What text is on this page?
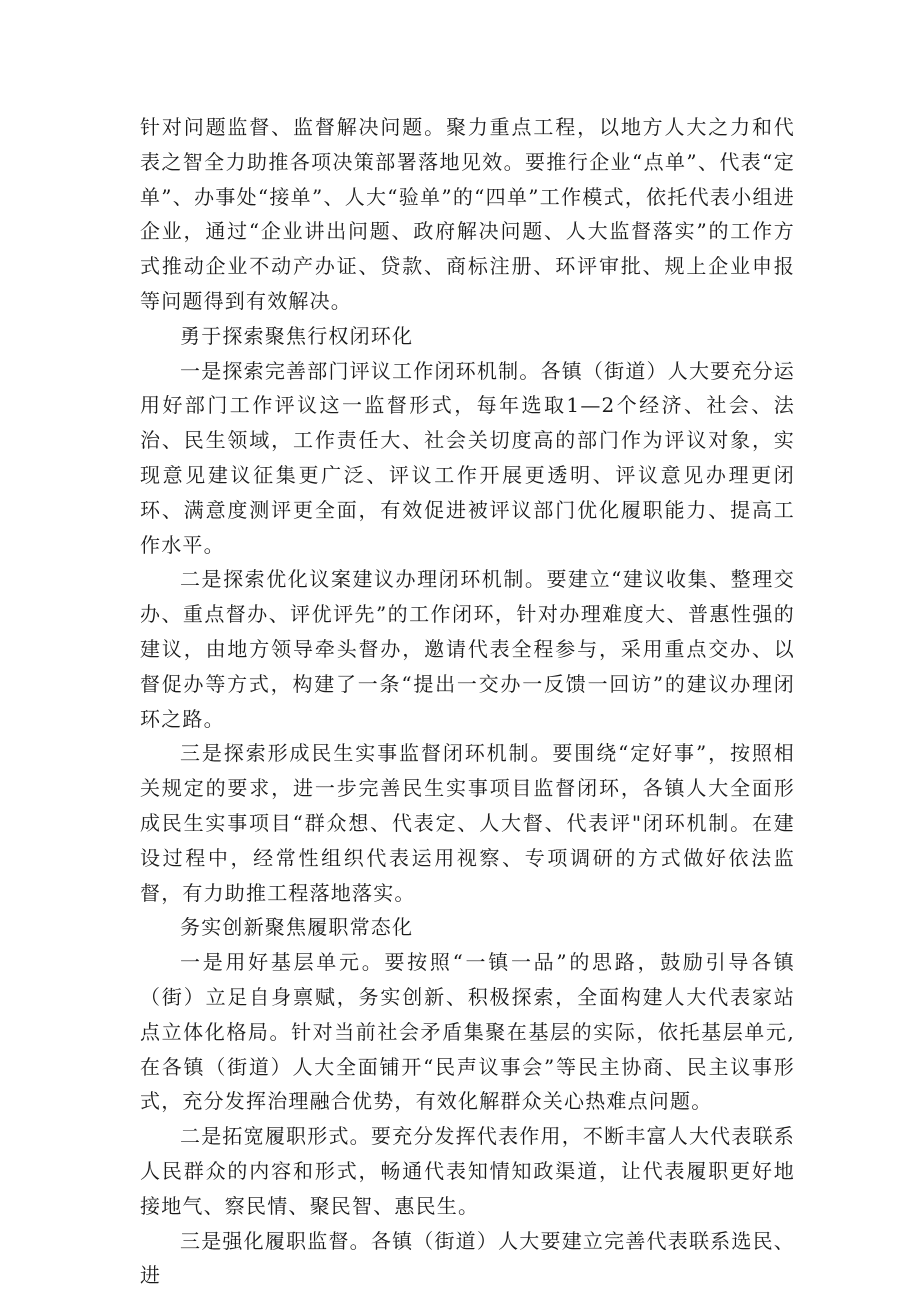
针对问题监督、监督解决问题。聚力重点工程，以地方人大之力和代表之智全力助推各项决策部署落地见效。要推行企业“点单”、代表“定单”、办事处“接单”、人大“验单”的“四单”工作模式，依托代表小组进企业，通过“企业讲出问题、政府解决问题、人大监督落实”的工作方式推动企业不动产办证、贷款、商标注册、环评审批、规上企业申报等问题得到有效解决。

勇于探索聚焦行权闭环化

一是探索完善部门评议工作闭环机制。各镇（街道）人大要充分运用好部门工作评议这一监督形式，每年选取1—2个经济、社会、法治、民生领域，工作责任大、社会关切度高的部门作为评议对象，实现意见建议征集更广泛、评议工作开展更透明、评议意见办理更闭环、满意度测评更全面，有效促进被评议部门优化履职能力、提高工作水平。

二是探索优化议案建议办理闭环机制。要建立“建议收集、整理交办、重点督办、评优评先”的工作闭环，针对办理难度大、普惠性强的建议，由地方领导牵头督办，邀请代表全程参与，采用重点交办、以督促办等方式，构建了一条“提出一交办一反馈一回访”的建议办理闭环之路。

三是探索形成民生实事监督闭环机制。要围绕“定好事”，按照相关规定的要求，进一步完善民生实事项目监督闭环，各镇人大全面形成民生实事项目“群众想、代表定、人大督、代表评"闭环机制。在建设过程中，经常性组织代表运用视察、专项调研的方式做好依法监督，有力助推工程落地落实。

务实创新聚焦履职常态化

一是用好基层单元。要按照“一镇一品”的思路，鼓励引导各镇（街）立足自身禀赋，务实创新、积极探索，全面构建人大代表家站点立体化格局。针对当前社会矛盾集聚在基层的实际，依托基层单元,在各镇（街道）人大全面铺开“民声议事会”等民主协商、民主议事形式，充分发挥治理融合优势，有效化解群众关心热难点问题。

二是拓宽履职形式。要充分发挥代表作用，不断丰富人大代表联系人民群众的内容和形式，畅通代表知情知政渠道，让代表履职更好地接地气、察民情、聚民智、惠民生。

三是强化履职监督。各镇（街道）人大要建立完善代表联系选民、进
